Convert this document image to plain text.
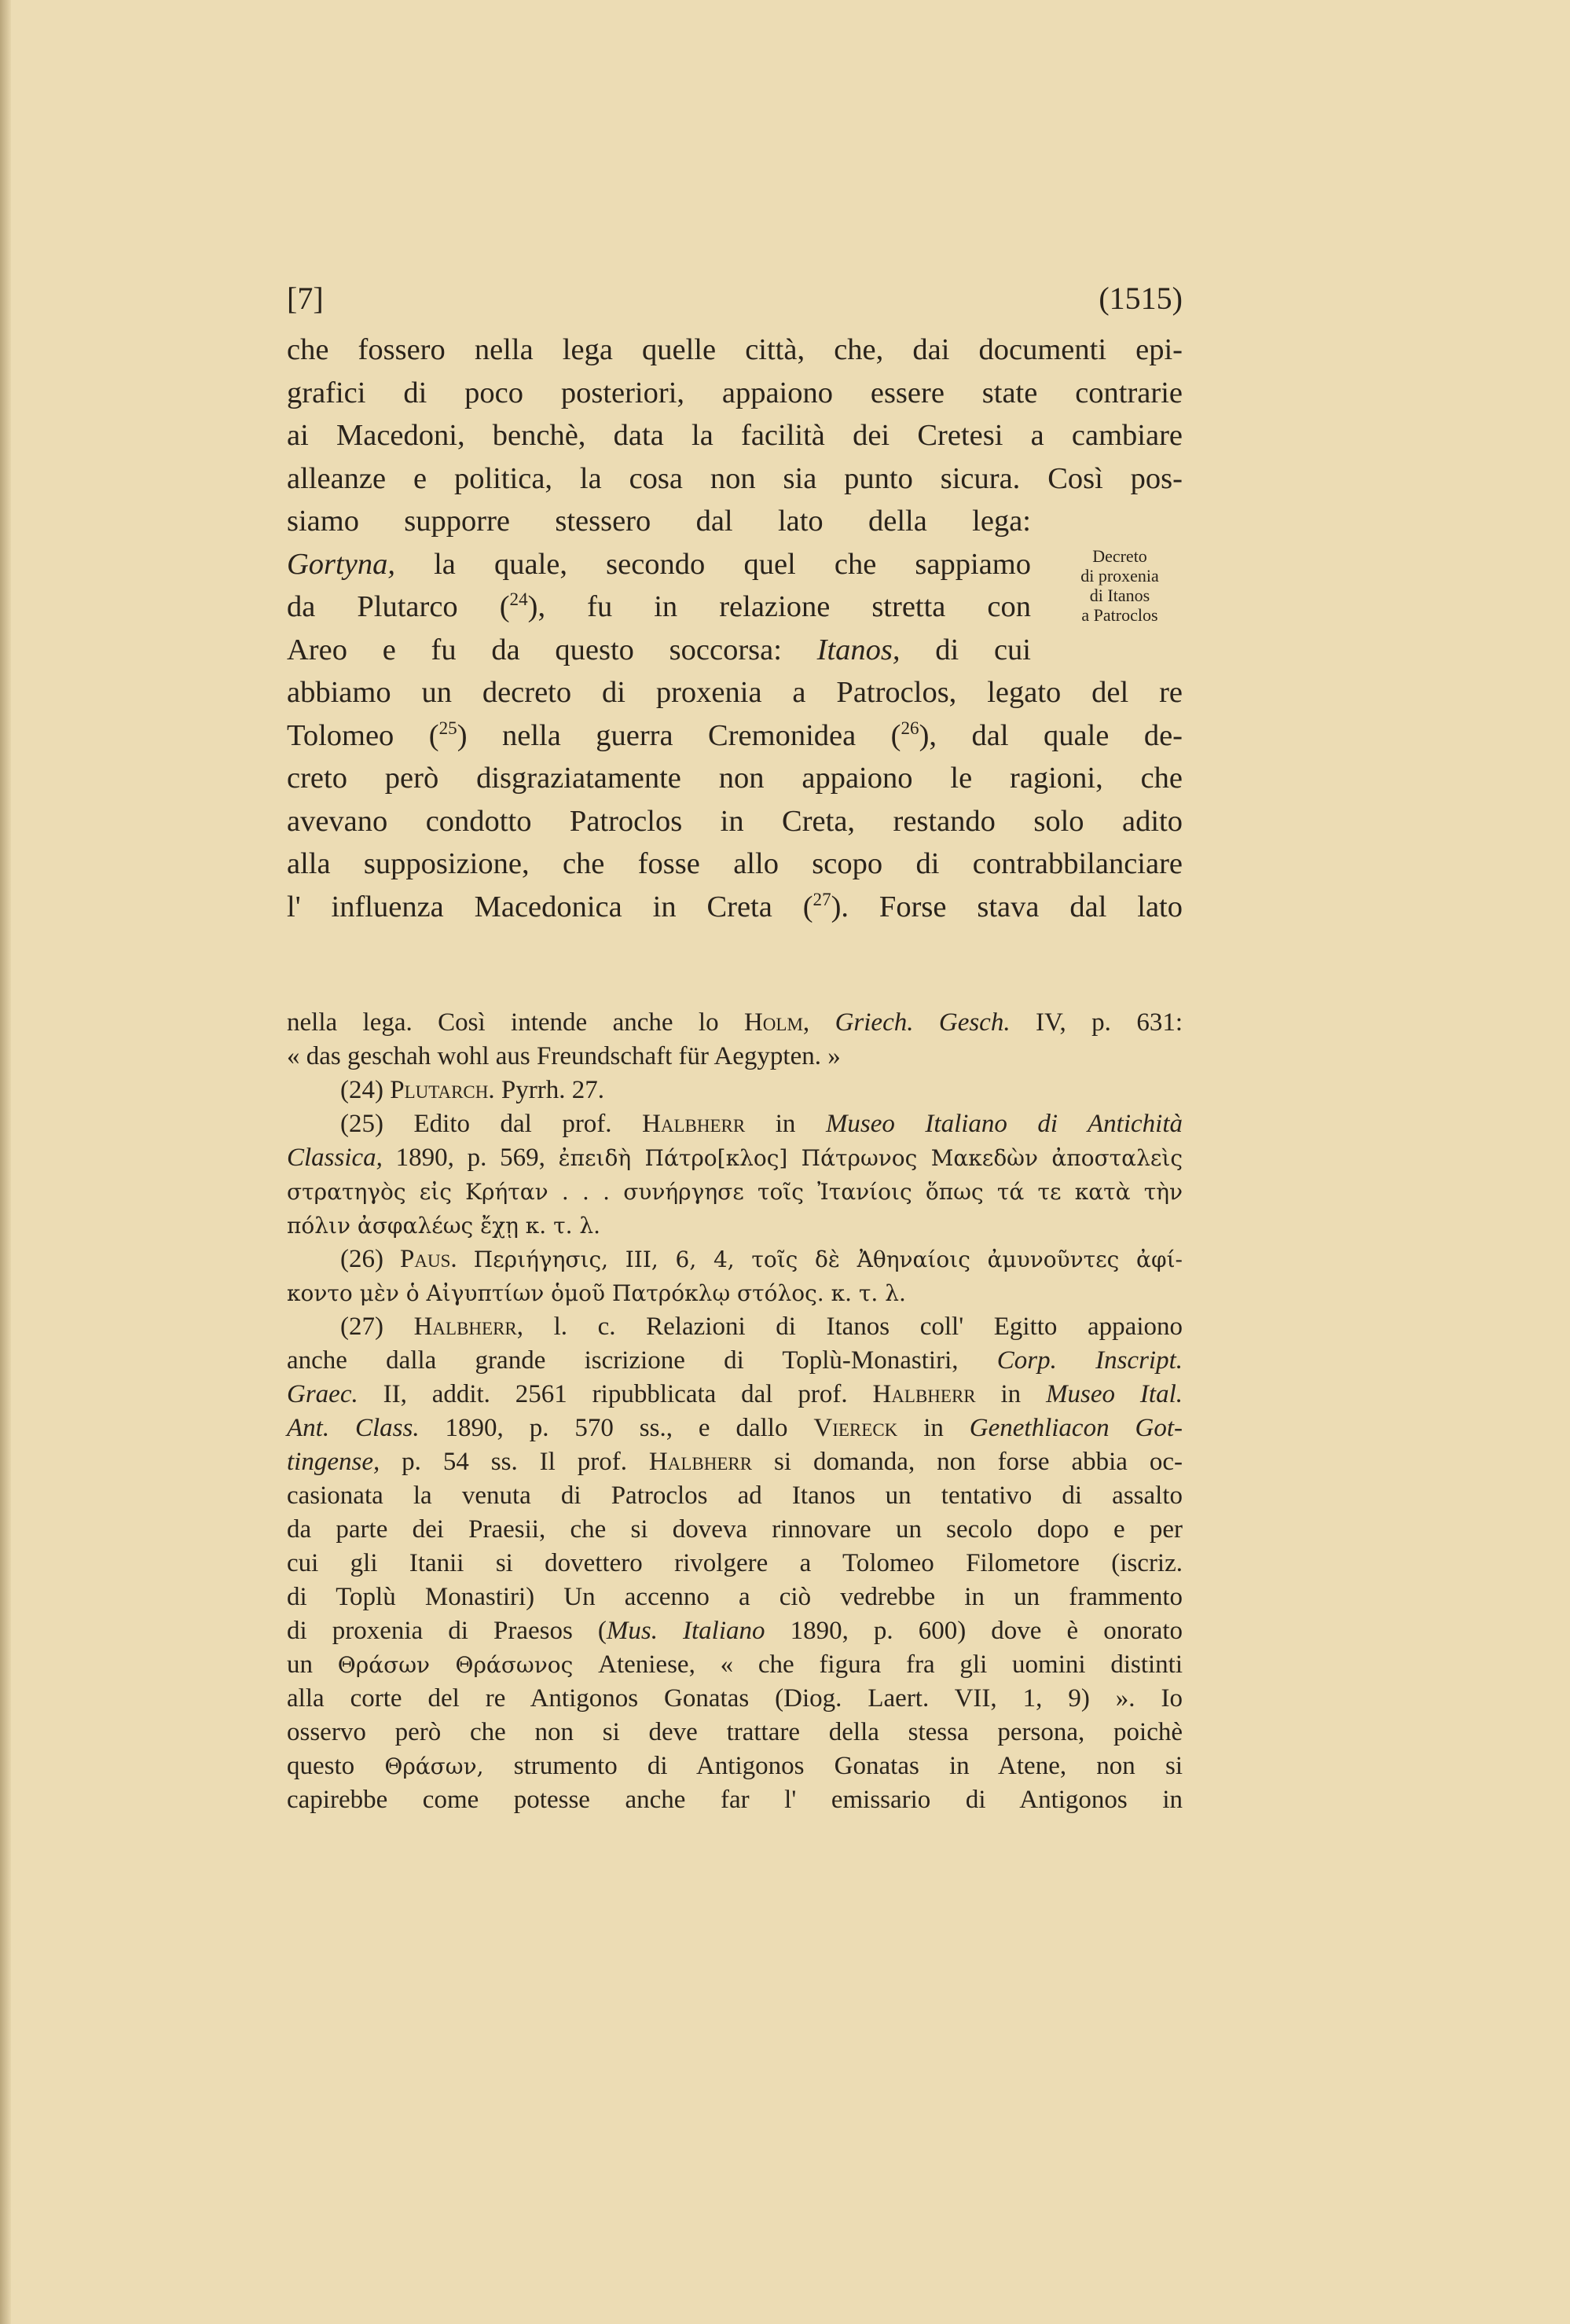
[7]	(1515)
che fossero nella lega quelle città, che, dai documenti epi-
grafici di poco posteriori, appaiono essere state contrarie
ai Macedoni, benchè, data la facilità dei Cretesi a cambiare
alleanze e politica, la cosa non sia punto sicura. Così pos-
siamo supporre stessero dal lato della lega:
Gortyna, la quale, secondo quel che sappiamo
da Plutarco ($^{24}$), fu in relazione stretta con
Areo e fu da questo soccorsa: Itanos, di cui
abbiamo un decreto di proxenia a Patroclos, legato del re
Tolomeo ($^{25}$) nella guerra Cremonidea ($^{26}$), dal quale de-
creto però disgraziatamente non appaiono le ragioni, che
avevano condotto Patroclos in Creta, restando solo adito
alla supposizione, che fosse allo scopo di contrabbilanciare
l' influenza Macedonica in Creta ($^{27}$). Forse stava dal lato
Decreto
di proxenia
di Itanos
a Patroclos
nella lega. Così intende anche lo Holm, Griech. Gesch. IV, p. 631:
« das geschah wohl aus Freundschaft für Aegypten. »
(24) Plutarch. Pyrrh. 27.
(25) Edito dal prof. Halbherr in Museo Italiano di Antichità
Classica, 1890, p. 569, ἐπειδὴ Πάτρο[κλος] Πάτρωνος Μακεδὼν ἀποσταλεὶς
στρατηγὸς εἰς Κρήταν . . . συνήργησε τοῖς Ἰτανίοις ὅπως τά τε κατὰ τὴν
πόλιν ἀσφαλέως ἔχῃ κ. τ. λ.
(26) Paus. Περιήγησις, III, 6, 4, τοῖς δὲ Ἀθηναίοις ἀμυνοῦντες ἀφί-
κοντο μὲν ὁ Αἰγυπτίων ὁμοῦ Πατρόκλῳ στόλος. κ. τ. λ.
(27) Halbherr, l. c. Relazioni di Itanos coll' Egitto appaiono
anche dalla grande iscrizione di Toplù-Monastiri, Corp. Inscript.
Graec. II, addit. 2561 ripubblicata dal prof. Halbherr in Museo Ital.
Ant. Class. 1890, p. 570 ss., e dallo Viereck in Genethliacon Got-
tingense, p. 54 ss. Il prof. Halbherr si domanda, non forse abbia oc-
casionata la venuta di Patroclos ad Itanos un tentativo di assalto
da parte dei Praesii, che si doveva rinnovare un secolo dopo e per
cui gli Itanii si dovettero rivolgere a Tolomeo Filometore (iscriz.
di Toplù Monastiri) Un accenno a ciò vedrebbe in un frammento
di proxenia di Praesos (Mus. Italiano 1890, p. 600) dove è onorato
un Θράσων Θράσωνος Ateniese, « che figura fra gli uomini distinti
alla corte del re Antigonos Gonatas (Diog. Laert. VII, 1, 9) ». Io
osservo però che non si deve trattare della stessa persona, poichè
questo Θράσων, strumento di Antigonos Gonatas in Atene, non si
capirebbe come potesse anche far l' emissario di Antigonos in
